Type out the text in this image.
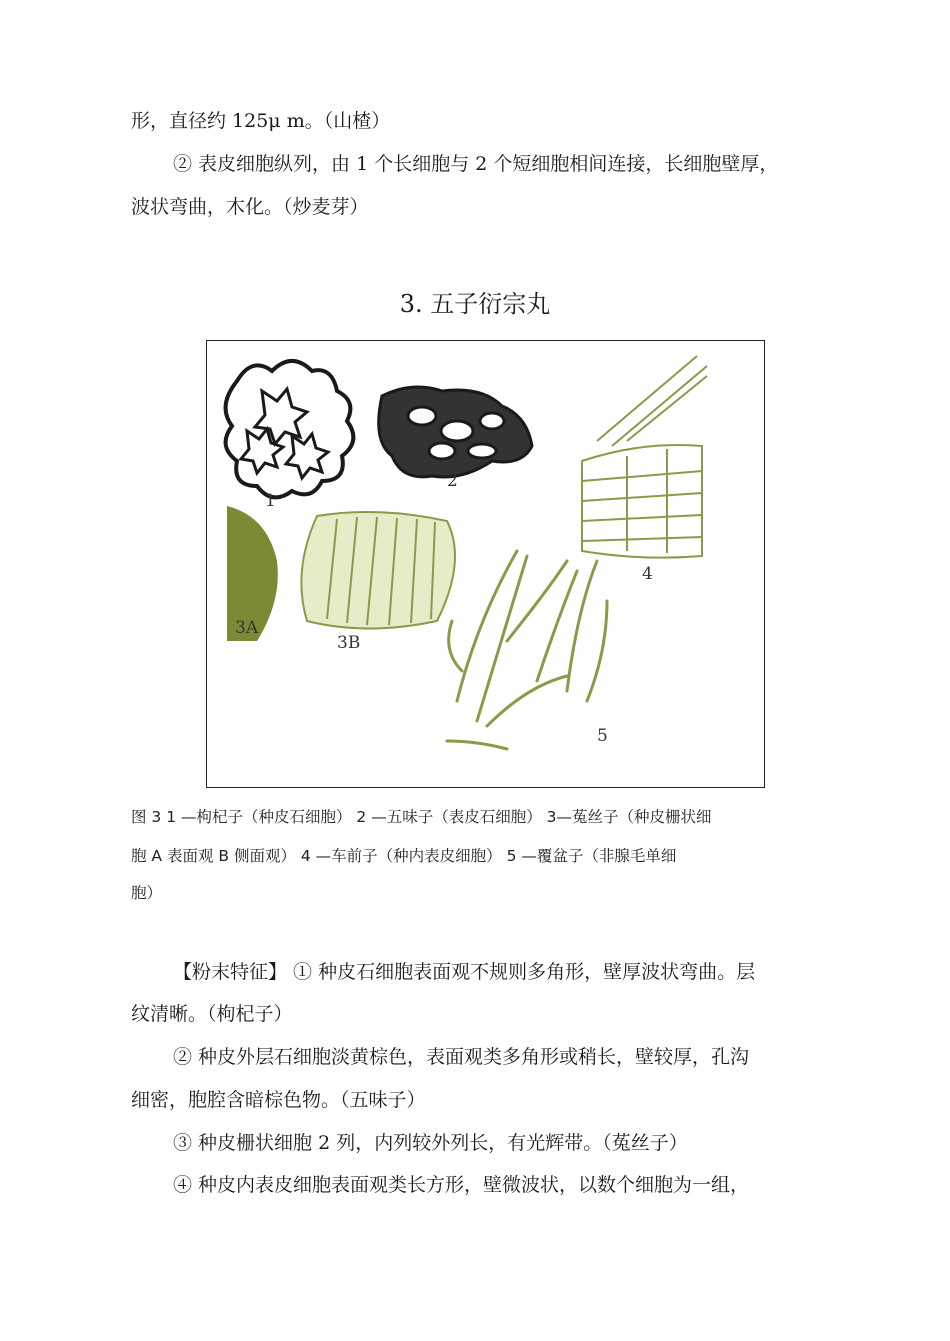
形，直径约 125μ m。（山楂）
② 表皮细胞纵列，由 1 个长细胞与 2 个短细胞相间连接，长细胞壁厚，
波状弯曲，木化。（炒麦芽）
3. 五子衍宗丸
1
2
3A
3B
4
5
图 3 1 —枸杞子（种皮石细胞） 2 —五味子（表皮石细胞） 3—菟丝子（种皮栅状细
胞 A 表面观 B 侧面观） 4 —车前子（种内表皮细胞） 5 —覆盆子（非腺毛单细
胞）
【粉末特征】 ① 种皮石细胞表面观不规则多角形，壁厚波状弯曲。层
纹清晰。（枸杞子）
② 种皮外层石细胞淡黄棕色，表面观类多角形或稍长，壁较厚，孔沟
细密，胞腔含暗棕色物。（五味子）
③ 种皮栅状细胞 2 列，内列较外列长，有光辉带。（菟丝子）
④ 种皮内表皮细胞表面观类长方形，壁微波状，以数个细胞为一组，
